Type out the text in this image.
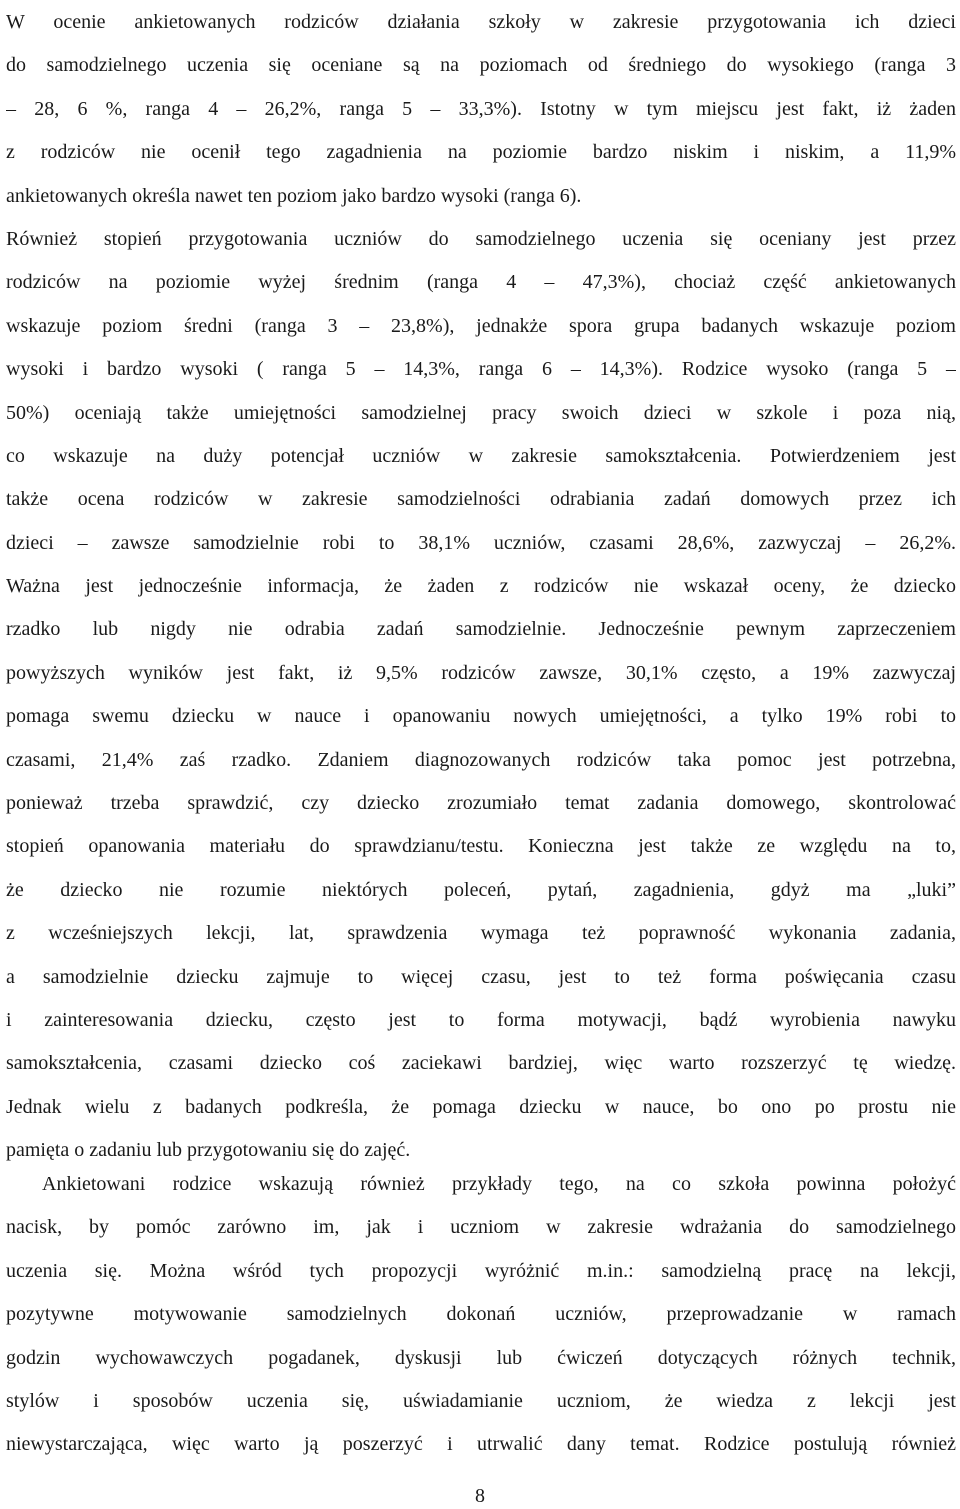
W ocenie ankietowanych rodziców działania szkoły w zakresie przygotowania ich dzieci
do samodzielnego uczenia się oceniane są na poziomach od średniego do wysokiego (ranga 3
– 28, 6 %, ranga 4 – 26,2%, ranga 5 – 33,3%). Istotny w tym miejscu jest fakt, iż żaden
z rodziców nie ocenił tego zagadnienia na poziomie bardzo niskim i niskim, a 11,9%
ankietowanych określa nawet ten poziom jako bardzo wysoki (ranga 6).
Również stopień przygotowania uczniów do samodzielnego uczenia się oceniany jest przez
rodziców na poziomie wyżej średnim (ranga 4 – 47,3%), chociaż część ankietowanych
wskazuje poziom średni (ranga 3 – 23,8%), jednakże spora grupa badanych wskazuje poziom
wysoki i bardzo wysoki ( ranga 5 – 14,3%, ranga 6 – 14,3%). Rodzice wysoko (ranga 5 –
50%) oceniają także umiejętności samodzielnej pracy swoich dzieci w szkole i poza nią,
co wskazuje na duży potencjał uczniów w zakresie samokształcenia. Potwierdzeniem jest
także ocena rodziców w zakresie samodzielności odrabiania zadań domowych przez ich
dzieci – zawsze samodzielnie robi to 38,1% uczniów, czasami 28,6%, zazwyczaj – 26,2%.
Ważna jest jednocześnie informacja, że żaden z rodziców nie wskazał oceny, że dziecko
rzadko lub nigdy nie odrabia zadań samodzielnie. Jednocześnie pewnym zaprzeczeniem
powyższych wyników jest fakt, iż 9,5% rodziców zawsze, 30,1% często, a 19% zazwyczaj
pomaga swemu dziecku w nauce i opanowaniu nowych umiejętności, a tylko 19% robi to
czasami, 21,4% zaś rzadko. Zdaniem diagnozowanych rodziców taka pomoc jest potrzebna,
ponieważ trzeba sprawdzić, czy dziecko zrozumiało temat zadania domowego, skontrolować
stopień opanowania materiału do sprawdzianu/testu. Konieczna jest także ze względu na to,
że dziecko nie rozumie niektórych poleceń, pytań, zagadnienia, gdyż ma „luki”
z wcześniejszych lekcji, lat, sprawdzenia wymaga też poprawność wykonania zadania,
a samodzielnie dziecku zajmuje to więcej czasu, jest to też forma poświęcania czasu
i zainteresowania dziecku, często jest to forma motywacji, bądź wyrobienia nawyku
samokształcenia, czasami dziecko coś zaciekawi bardziej, więc warto rozszerzyć tę wiedzę.
Jednak wielu z badanych podkreśla, że pomaga dziecku w nauce, bo ono po prostu nie
pamięta o zadaniu lub przygotowaniu się do zajęć.
Ankietowani rodzice wskazują również przykłady tego, na co szkoła powinna położyć
nacisk, by pomóc zarówno im, jak i uczniom w zakresie wdrażania do samodzielnego
uczenia się. Można wśród tych propozycji wyróżnić m.in.: samodzielną pracę na lekcji,
pozytywne motywowanie samodzielnych dokonań uczniów, przeprowadzanie w ramach
godzin wychowawczych pogadanek, dyskusji lub ćwiczeń dotyczących różnych technik,
stylów i sposobów uczenia się, uświadamianie uczniom, że wiedza z lekcji jest
niewystarczająca, więc warto ją poszerzyć i utrwalić dany temat. Rodzice postulują również
8
